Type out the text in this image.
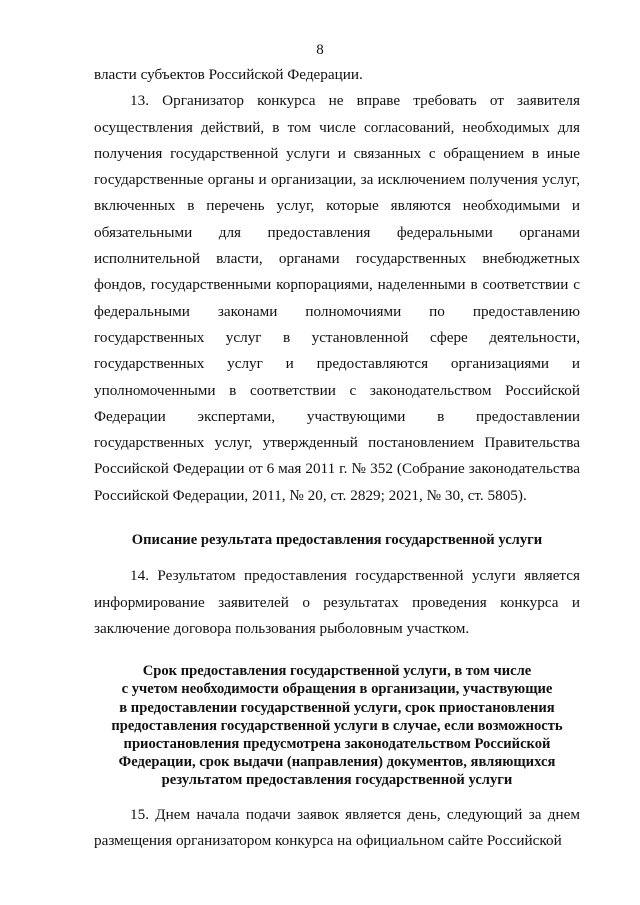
8

власти субъектов Российской Федерации.

13. Организатор конкурса не вправе требовать от заявителя осуществления действий, в том числе согласований, необходимых для получения государственной услуги и связанных с обращением в иные государственные органы и организации, за исключением получения услуг, включенных в перечень услуг, которые являются необходимыми и обязательными для предоставления федеральными органами исполнительной власти, органами государственных внебюджетных фондов, государственными корпорациями, наделенными в соответствии с федеральными законами полномочиями по предоставлению государственных услуг в установленной сфере деятельности, государственных услуг и предоставляются организациями и уполномоченными в соответствии с законодательством Российской Федерации экспертами, участвующими в предоставлении государственных услуг, утвержденный постановлением Правительства Российской Федерации от 6 мая 2011 г. № 352 (Собрание законодательства Российской Федерации, 2011, № 20, ст. 2829; 2021, № 30, ст. 5805).

Описание результата предоставления государственной услуги

14. Результатом предоставления государственной услуги является информирование заявителей о результатах проведения конкурса и заключение договора пользования рыболовным участком.

Срок предоставления государственной услуги, в том числе
с учетом необходимости обращения в организации, участвующие
в предоставлении государственной услуги, срок приостановления
предоставления государственной услуги в случае, если возможность
приостановления предусмотрена законодательством Российской
Федерации, срок выдачи (направления) документов, являющихся
результатом предоставления государственной услуги

15. Днем начала подачи заявок является день, следующий за днем размещения организатором конкурса на официальном сайте Российской
